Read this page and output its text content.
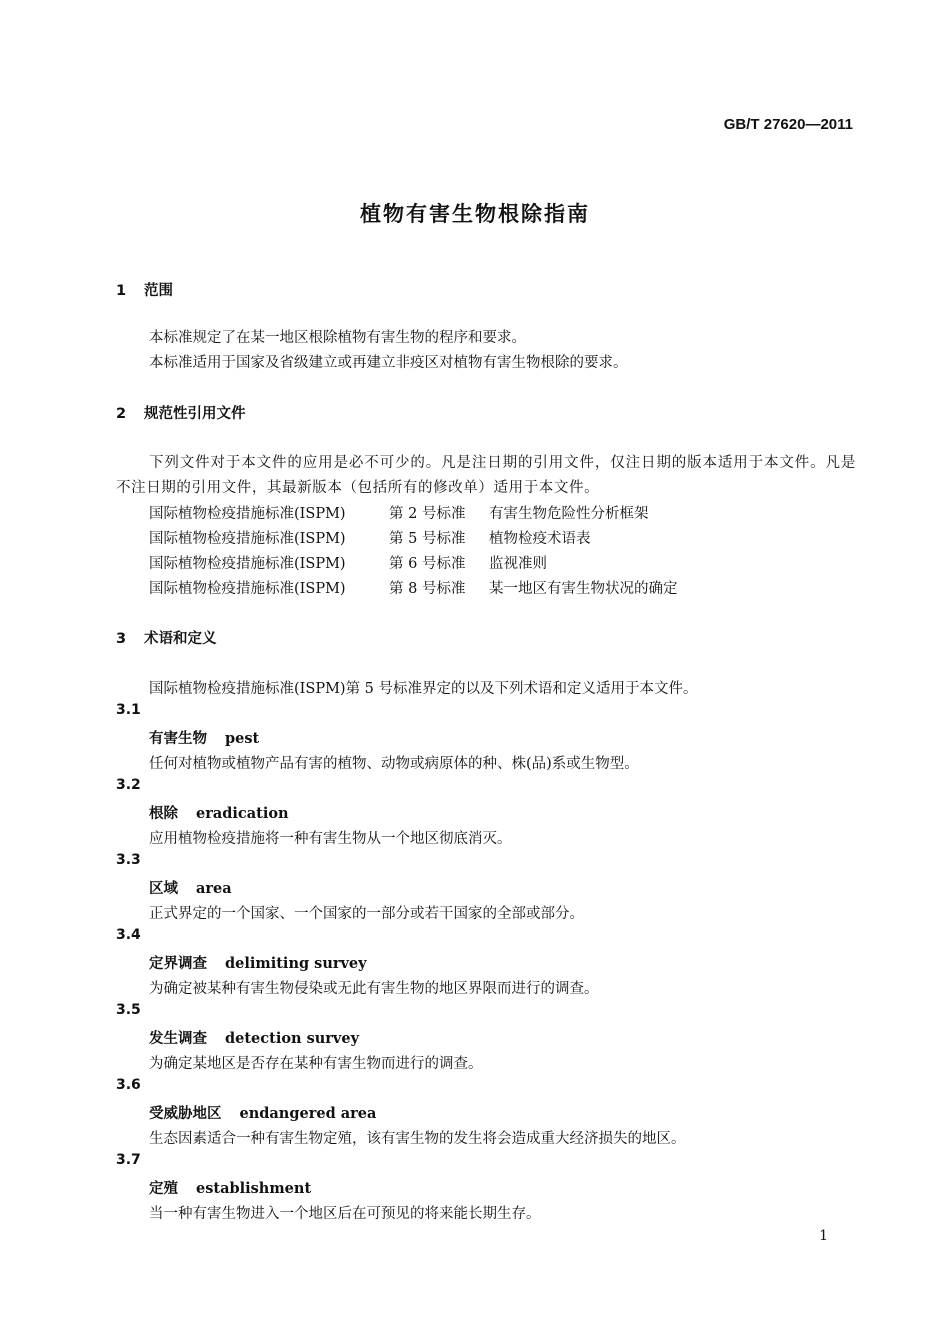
GB/T 27620—2011
植物有害生物根除指南
1 范围
本标准规定了在某一地区根除植物有害生物的程序和要求。
本标准适用于国家及省级建立或再建立非疫区对植物有害生物根除的要求。
2 规范性引用文件
下列文件对于本文件的应用是必不可少的。凡是注日期的引用文件，仅注日期的版本适用于本文件。凡是不注日期的引用文件，其最新版本（包括所有的修改单）适用于本文件。
国际植物检疫措施标准(ISPM)	第 2 号标准 有害生物危险性分析框架
国际植物检疫措施标准(ISPM)	第 5 号标准 植物检疫术语表
国际植物检疫措施标准(ISPM)	第 6 号标准 监视准则
国际植物检疫措施标准(ISPM)	第 8 号标准 某一地区有害生物状况的确定
3 术语和定义
国际植物检疫措施标准(ISPM)第 5 号标准界定的以及下列术语和定义适用于本文件。
3.1
有害生物 pest
任何对植物或植物产品有害的植物、动物或病原体的种、株(品)系或生物型。
3.2
根除 eradication
应用植物检疫措施将一种有害生物从一个地区彻底消灭。
3.3
区域 area
正式界定的一个国家、一个国家的一部分或若干国家的全部或部分。
3.4
定界调查 delimiting survey
为确定被某种有害生物侵染或无此有害生物的地区界限而进行的调查。
3.5
发生调查 detection survey
为确定某地区是否存在某种有害生物而进行的调查。
3.6
受威胁地区 endangered area
生态因素适合一种有害生物定殖，该有害生物的发生将会造成重大经济损失的地区。
3.7
定殖 establishment
当一种有害生物进入一个地区后在可预见的将来能长期生存。
1
